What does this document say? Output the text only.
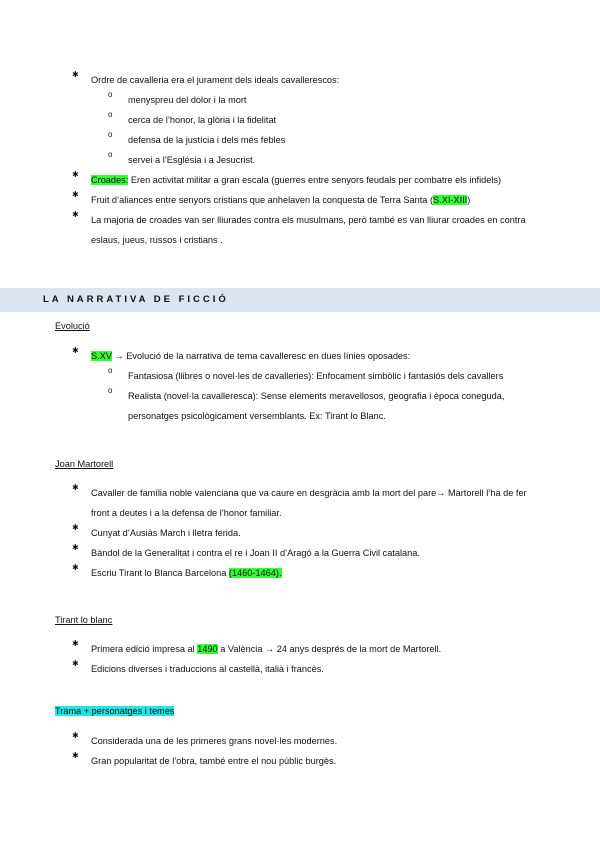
✱
Ordre de cavalleria era el jurament dels ideals cavallerescos:
o
menyspreu del dolor i la mort
o
cerca de l’honor, la glòria i la fidelitat
o
defensa de la justícia i dels més febles
o
servei a l’Església i a Jesucrist.
✱
Croades: Eren activitat militar a gran escala (guerres entre senyors feudals per combatre els infidels)
✱
Fruit d’aliances entre senyors cristians que anhelaven la conquesta de Terra Santa (S.XI-XIII)
✱
La majoria de croades van ser lliurades contra els musulmans, però també es van lliurar croades en contra eslaus, jueus, russos i cristians .
LA NARRATIVA DE FICCIÓ
Evolució
✱
S.XV → Evolució de la narrativa de tema cavalleresc en dues línies oposades:
o
Fantasiosa (llibres o novel·les de cavalleries): Enfocament simbòlic i fantasiós dels cavallers
o
Realista (novel·la cavalleresca): Sense elements meravellosos, geografia i època coneguda, personatges psicològicament versemblants. Ex: Tirant lo Blanc.
Joan Martorell
✱
Cavaller de família noble valenciana que va caure en desgràcia amb la mort del pare→ Martorell l’ha de fer front a deutes i a la defensa de l’honor familiar.
✱
Cunyat d’Ausiàs March i lletra ferida.
✱
Bàndol de la Generalitat i contra el re i Joan II d’Aragó a la Guerra Civil catalana.
✱
Escriu Tirant lo Blanca Barcelona (1460-1464).
Tirant lo blanc
✱
Primera edició impresa al 1490 a València → 24 anys després de la mort de Martorell.
✱
Edicions diverses i traduccions al castellà, italià i francès.
Trama + personatges i temes
✱
Considerada una de les primeres grans novel·les modernes.
✱
Gran popularitat de l’obra, també entre el nou públic burgès.
